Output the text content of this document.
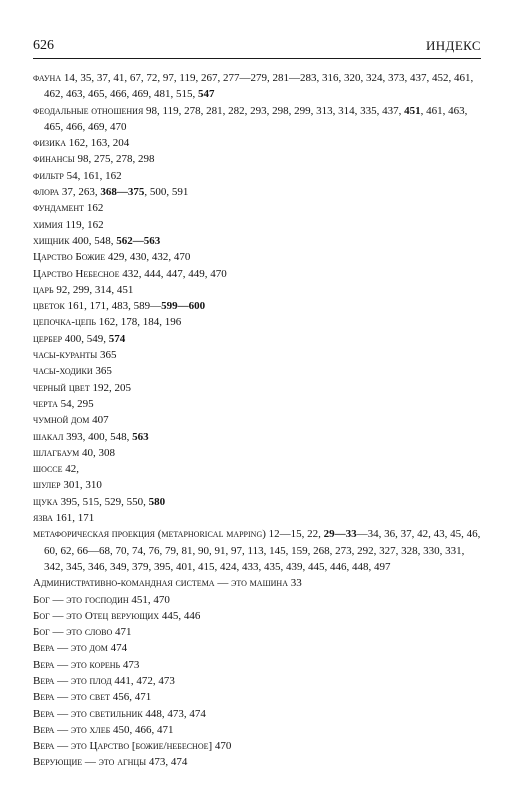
626	ИНДЕКС

фауна 14, 35, 37, 41, 67, 72, 97, 119, 267, 277—279, 281—283, 316, 320, 324, 373, 437, 452, 461, 462, 463, 465, 466, 469, 481, 515, 547

феодальные отношения 98, 119, 278, 281, 282, 293, 298, 299, 313, 314, 335, 437, 451, 461, 463, 465, 466, 469, 470

физика 162, 163, 204

финансы 98, 275, 278, 298

фильтр 54, 161, 162

флора 37, 263, 368—375, 500, 591

фундамент 162

химия 119, 162

хищник 400, 548, 562—563

Царство Божие 429, 430, 432, 470

Царство Небесное 432, 444, 447, 449, 470

царь 92, 299, 314, 451

цветок 161, 171, 483, 589—599—600

цепочка-цепь 162, 178, 184, 196

цербер 400, 549, 574

часы-куранты 365

часы-ходики 365

черный цвет 192, 205

черта 54, 295

чумной дом 407

шакал 393, 400, 548, 563

шлагбаум 40, 308

шоссе 42,

шулер 301, 310

щука 395, 515, 529, 550, 580

язва 161, 171

метафорическая проекция (metaphorical mapping) 12—15, 22, 29—33—34, 36, 37, 42, 43, 45, 46, 60, 62, 66—68, 70, 74, 76, 79, 81, 90, 91, 97, 113, 145, 159, 268, 273, 292, 327, 328, 330, 331, 342, 345, 346, 349, 379, 395, 401, 415, 424, 433, 435, 439, 445, 446, 448, 497

Административно-командная система — это машина 33

Бог — это господин 451, 470

Бог — это Отец верующих 445, 446

Бог — это слово 471

Вера — это дом 474

Вера — это корень 473

Вера — это плод 441, 472, 473

Вера — это свет 456, 471

Вера — это светильник 448, 473, 474

Вера — это хлеб 450, 466, 471

Вера — это Царство [божие/небесное] 470

Верующие — это агнцы 473, 474
